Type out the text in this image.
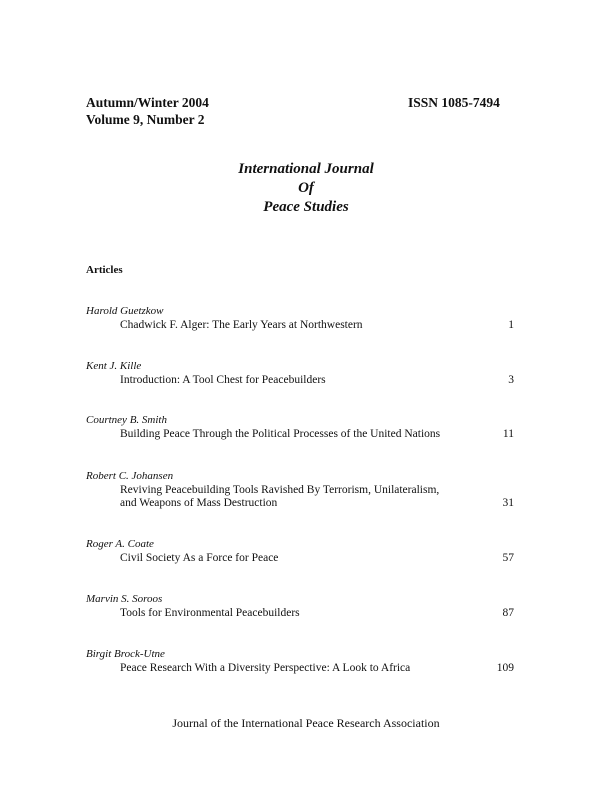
Autumn/Winter 2004	ISSN 1085-7494
Volume 9, Number 2
International Journal
Of
Peace Studies
Articles
Harold Guetzkow
Chadwick F. Alger: The Early Years at Northwestern	1
Kent J. Kille
Introduction: A Tool Chest for Peacebuilders	3
Courtney B. Smith
Building Peace Through the Political Processes of the United Nations	11
Robert C. Johansen
Reviving Peacebuilding Tools Ravished By Terrorism, Unilateralism,
and Weapons of Mass Destruction	31
Roger A. Coate
Civil Society As a Force for Peace	57
Marvin S. Soroos
Tools for Environmental Peacebuilders	87
Birgit Brock-Utne
Peace Research With a Diversity Perspective: A Look to Africa	109
Journal of the International Peace Research Association
